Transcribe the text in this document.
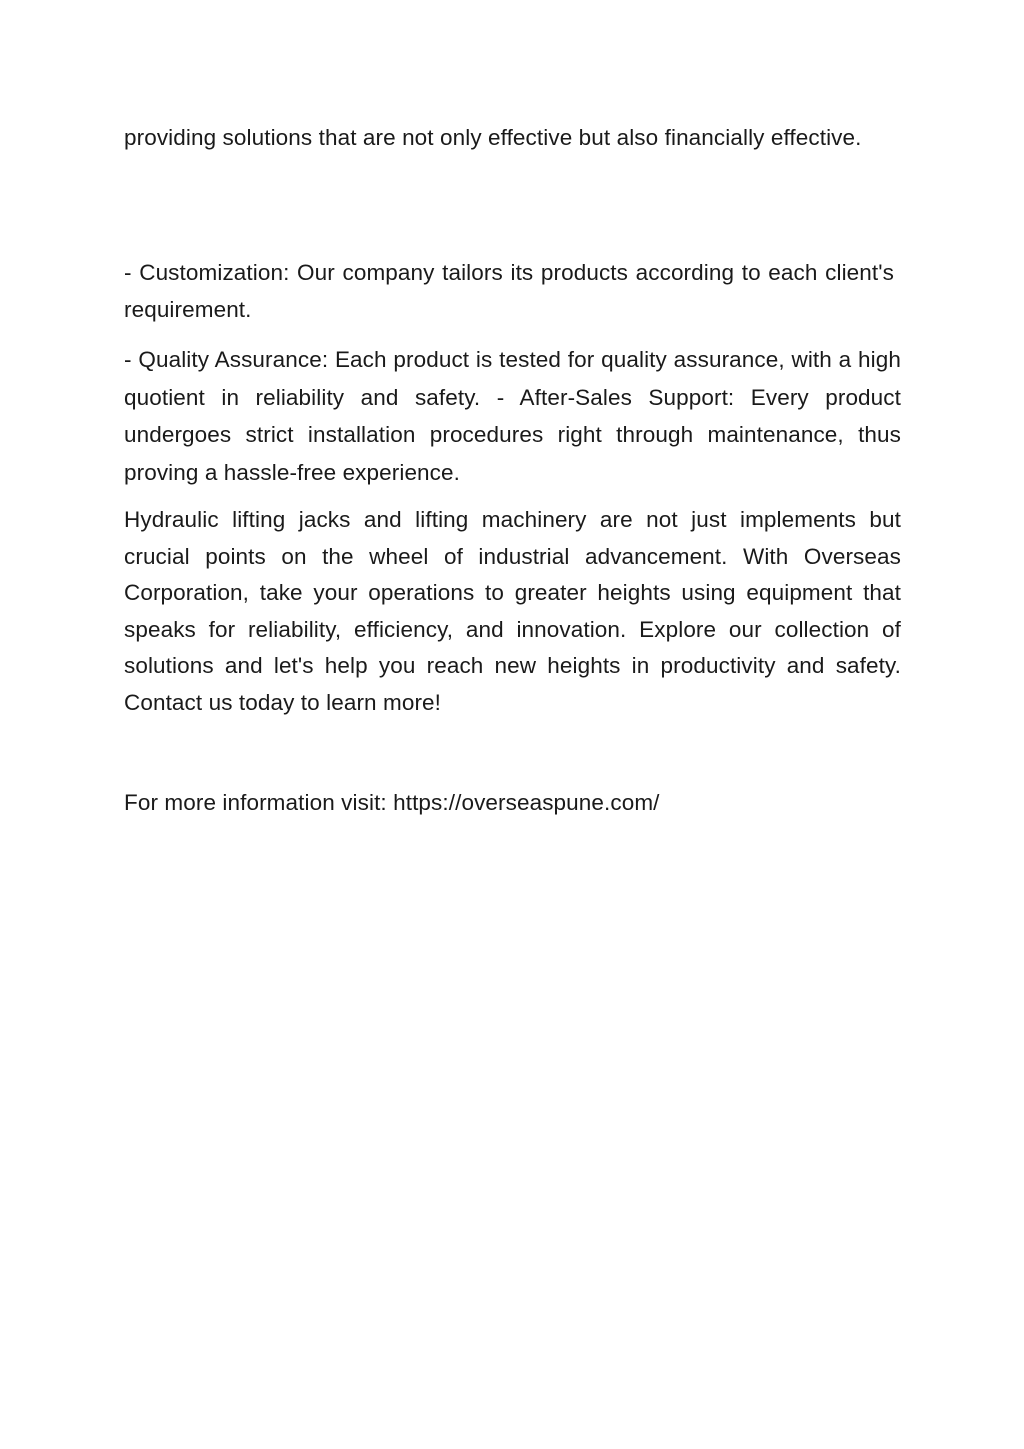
providing solutions that are not only effective but also financially effective.

- Customization: Our company tailors its products according to each client's requirement.

- Quality Assurance: Each product is tested for quality assurance, with a high quotient in reliability and safety. - After-Sales Support: Every product undergoes strict installation procedures right through maintenance, thus proving a hassle-free experience.

Hydraulic lifting jacks and lifting machinery are not just implements but crucial points on the wheel of industrial advancement. With Overseas Corporation, take your operations to greater heights using equipment that speaks for reliability, efficiency, and innovation. Explore our collection of solutions and let's help you reach new heights in productivity and safety. Contact us today to learn more!

For more information visit: https://overseaspune.com/
